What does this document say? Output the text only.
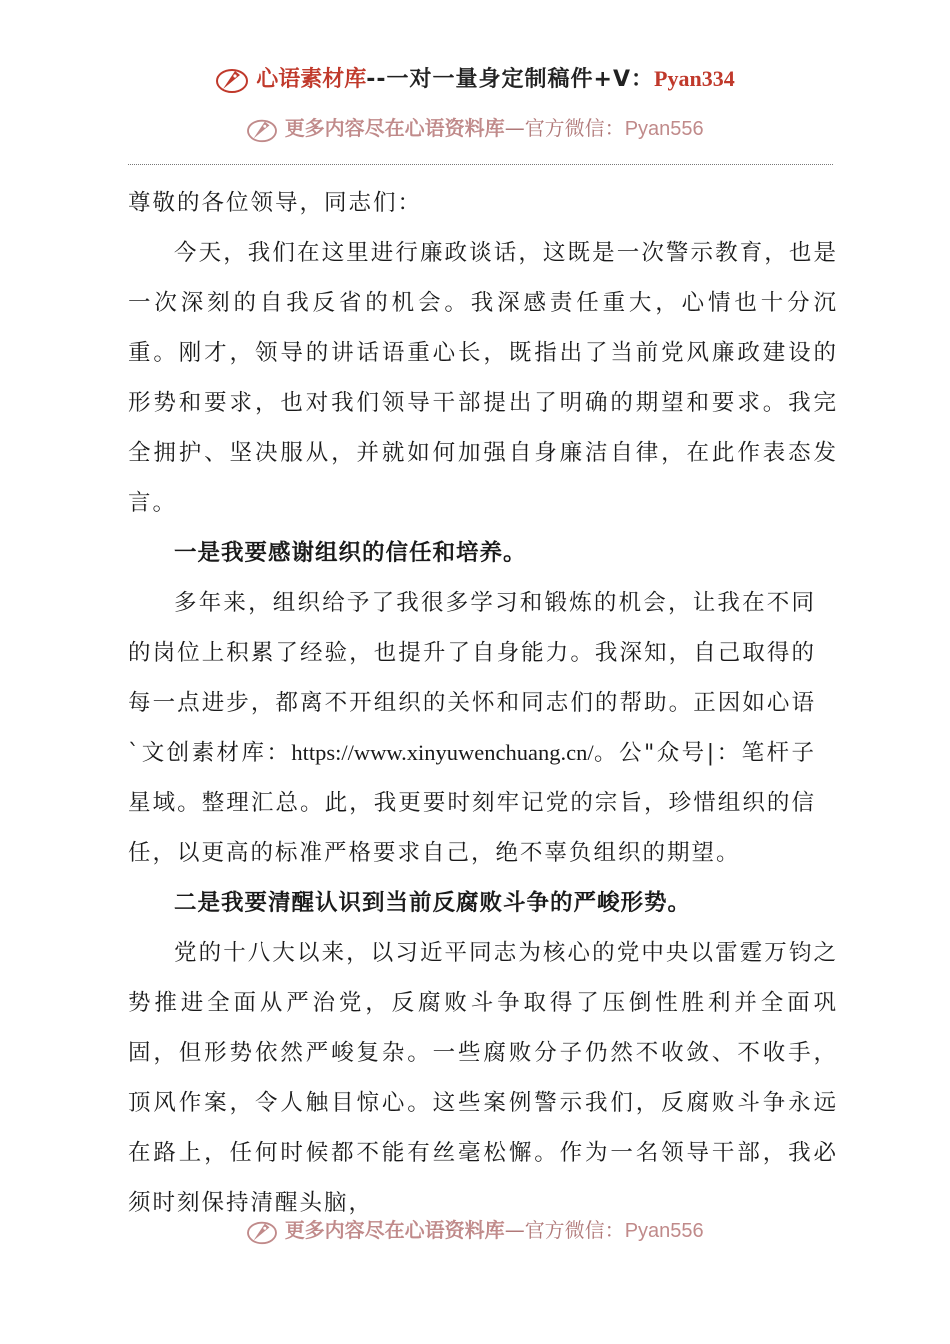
心语素材库--一对一量身定制稿件+V：Pyan334
更多内容尽在心语资料库—官方微信：Pyan556

尊敬的各位领导，同志们：

今天，我们在这里进行廉政谈话，这既是一次警示教育，也是一次深刻的自我反省的机会。我深感责任重大，心情也十分沉重。刚才，领导的讲话语重心长，既指出了当前党风廉政建设的形势和要求，也对我们领导干部提出了明确的期望和要求。我完全拥护、坚决服从，并就如何加强自身廉洁自律，在此作表态发言。

一是我要感谢组织的信任和培养。

多年来，组织给予了我很多学习和锻炼的机会，让我在不同的岗位上积累了经验，也提升了自身能力。我深知，自己取得的每一点进步，都离不开组织的关怀和同志们的帮助。正因如心语`文创素材库：https://www.xinyuwenchuang.cn/。公"众号|：笔杆子星域。整理汇总。此，我更要时刻牢记党的宗旨，珍惜组织的信任，以更高的标准严格要求自己，绝不辜负组织的期望。

二是我要清醒认识到当前反腐败斗争的严峻形势。

党的十八大以来，以习近平同志为核心的党中央以雷霆万钧之势推进全面从严治党，反腐败斗争取得了压倒性胜利并全面巩固，但形势依然严峻复杂。一些腐败分子仍然不收敛、不收手，顶风作案，令人触目惊心。这些案例警示我们，反腐败斗争永远在路上，任何时候都不能有丝毫松懈。作为一名领导干部，我必须时刻保持清醒头脑，

更多内容尽在心语资料库—官方微信：Pyan556
